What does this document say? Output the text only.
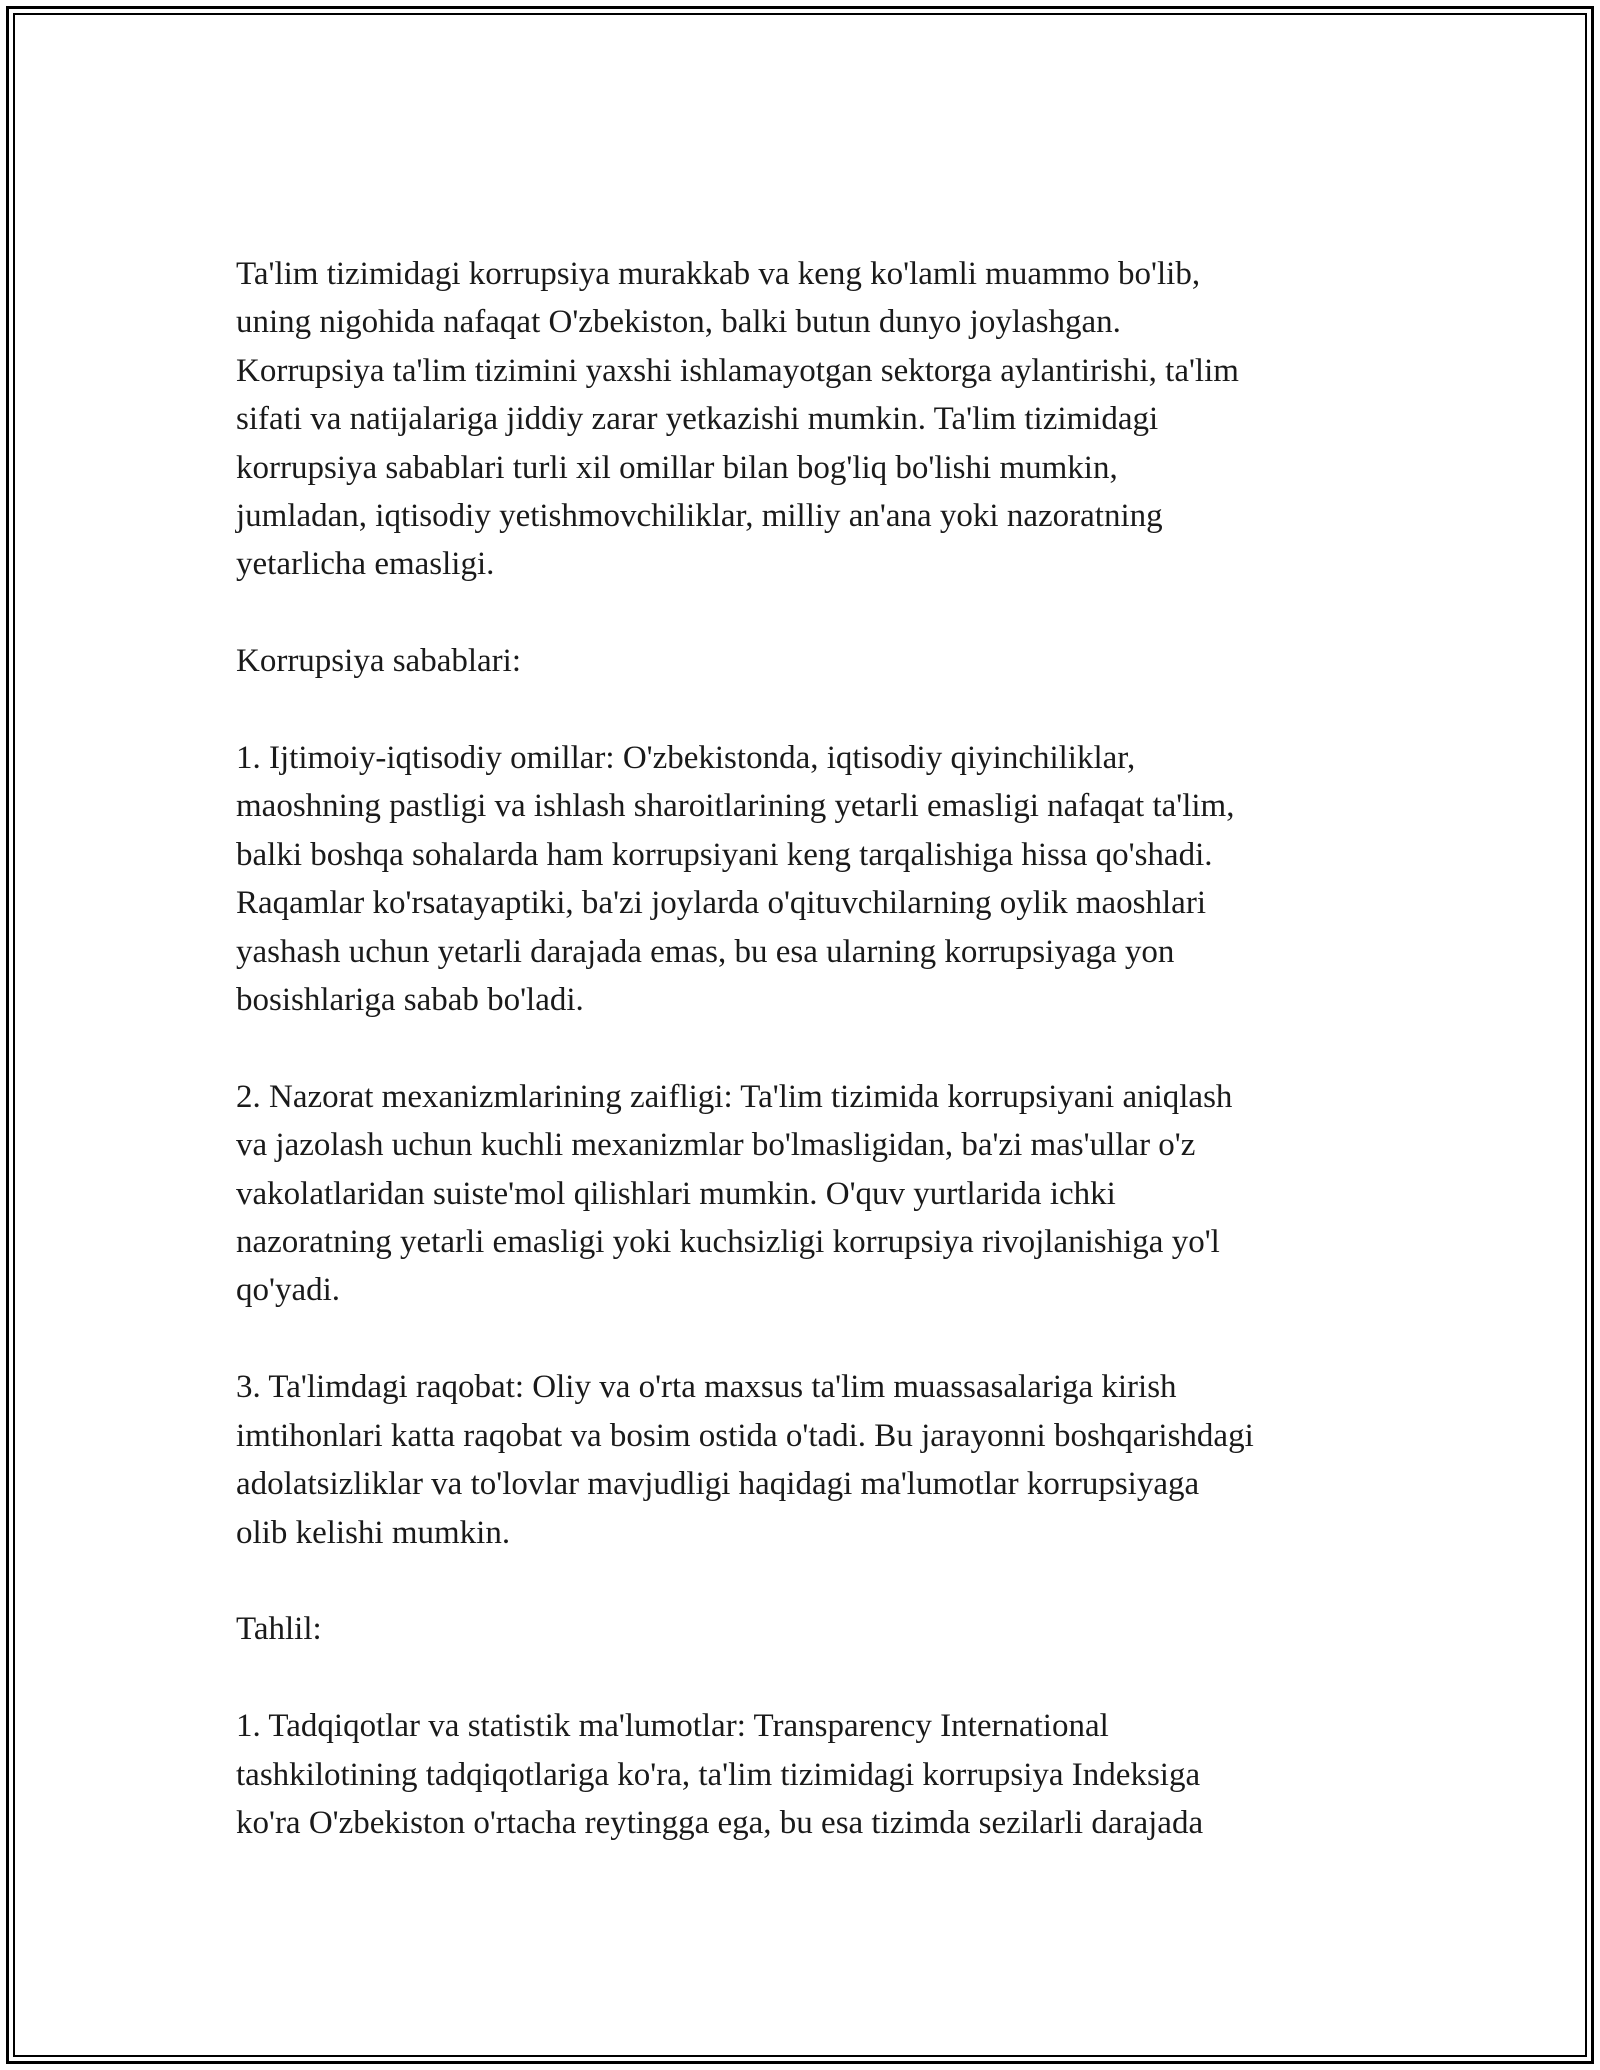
Ta'lim tizimidagi korrupsiya murakkab va keng ko'lamli muammo bo'lib,
uning nigohida nafaqat O'zbekiston, balki butun dunyo joylashgan.
Korrupsiya ta'lim tizimini yaxshi ishlamayotgan sektorga aylantirishi, ta'lim
sifati va natijalariga jiddiy zarar yetkazishi mumkin. Ta'lim tizimidagi
korrupsiya sabablari turli xil omillar bilan bog'liq bo'lishi mumkin,
jumladan, iqtisodiy yetishmovchiliklar, milliy an'ana yoki nazoratning
yetarlicha emasligi.

Korrupsiya sabablari:

1. Ijtimoiy-iqtisodiy omillar: O'zbekistonda, iqtisodiy qiyinchiliklar,
maoshning pastligi va ishlash sharoitlarining yetarli emasligi nafaqat ta'lim,
balki boshqa sohalarda ham korrupsiyani keng tarqalishiga hissa qo'shadi.
Raqamlar ko'rsatayaptiki, ba'zi joylarda o'qituvchilarning oylik maoshlari
yashash uchun yetarli darajada emas, bu esa ularning korrupsiyaga yon
bosishlariga sabab bo'ladi.

2. Nazorat mexanizmlarining zaifligi: Ta'lim tizimida korrupsiyani aniqlash
va jazolash uchun kuchli mexanizmlar bo'lmasligidan, ba'zi mas'ullar o'z
vakolatlaridan suiste'mol qilishlari mumkin. O'quv yurtlarida ichki
nazoratning yetarli emasligi yoki kuchsizligi korrupsiya rivojlanishiga yo'l
qo'yadi.

3. Ta'limdagi raqobat: Oliy va o'rta maxsus ta'lim muassasalariga kirish
imtihonlari katta raqobat va bosim ostida o'tadi. Bu jarayonni boshqarishdagi
adolatsizliklar va to'lovlar mavjudligi haqidagi ma'lumotlar korrupsiyaga
olib kelishi mumkin.

Tahlil:

1. Tadqiqotlar va statistik ma'lumotlar: Transparency International
tashkilotining tadqiqotlariga ko'ra, ta'lim tizimidagi korrupsiya Indeksiga
ko'ra O'zbekiston o'rtacha reytingga ega, bu esa tizimda sezilarli darajada
